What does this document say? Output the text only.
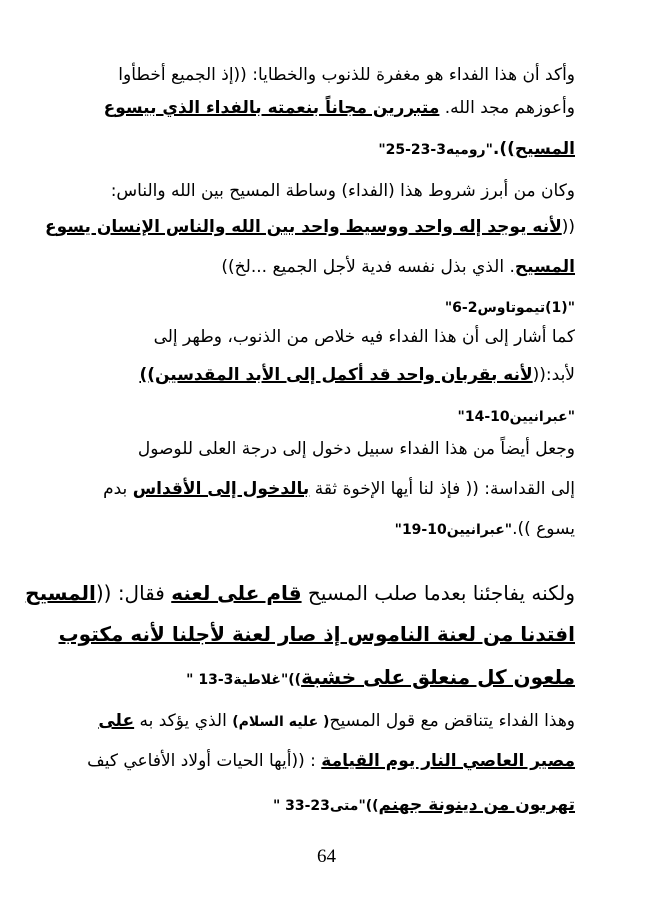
وأكد أن هذا الفداء هو مغفرة للذنوب والخطايا: ((إذ الجميع أخطأوا
وأعوزهم مجد الله. متبررين مجاناً بنعمته بالفداء الذي بيسوع
المسيح))."روميه3-23-25"
وكان من أبرز شروط هذا (الفداء) وساطة المسيح بين الله والناس:
((لأنه يوجد إله واحد ووسيط واحد بين الله والناس الإنسان يسوع
المسيح. الذي بذل نفسه فدية لأجل الجميع ...لخ))
"(1)تيموتاوس2-6"
كما أشار إلى أن هذا الفداء فيه خلاص من الذنوب، وطهر إلى
لأبد:((لأنه بقربان واحد قد أكمل إلى الأبد المقدسين))
"عبرانيين10-14"
وجعل أيضاً من هذا الفداء سبيل دخول إلى درجة العلى للوصول
إلى القداسة: (( فإذ لنا أيها الإخوة ثقة بالدخول إلى الأقداس بدم
يسوع ))."عبرانيين10-19"
ولكنه يفاجئنا بعدما صلب المسيح قام على لعنه فقال: ((المسيح
افتدنا من لعنة الناموس إذ صار لعنة لأجلنا لأنه مكتوب
ملعون كل منعلق على خشبة))"غلاطية3-13 "
وهذا الفداء يتناقض مع قول المسيح( عليه السلام) الذي يؤكد به على
مصير العاصي النار يوم القيامة : ((أيها الحيات أولاد الأفاعي كيف
تهربون من دينونة جهنم))"متى23-33 "
64
